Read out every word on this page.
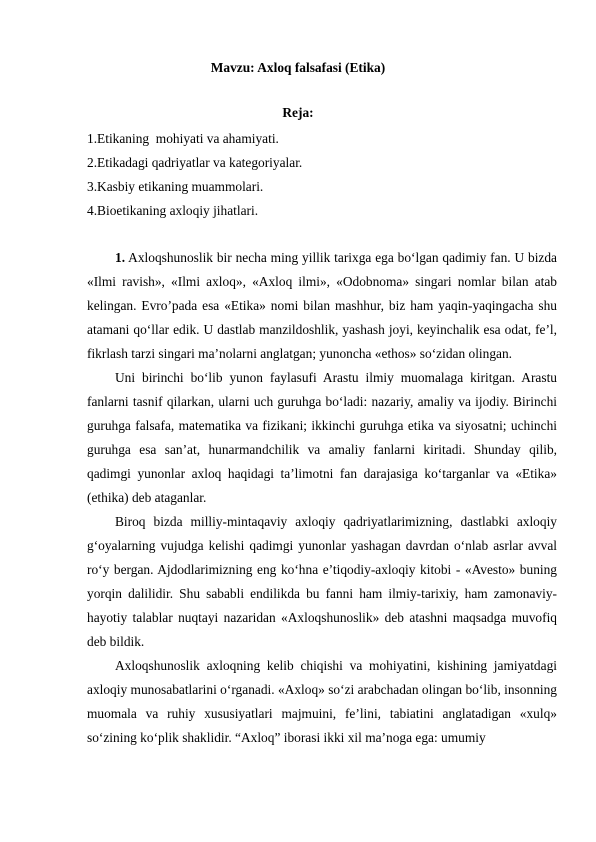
Mavzu: Axloq falsafasi (Etika)
Reja:
1.Etikaning  mohiyati va ahamiyati.
2.Etikadagi qadriyatlar va kategoriyalar.
3.Kasbiy etikaning muammolari.
4.Bioetikaning axloqiy jihatlari.

1. Axloqshunoslik bir necha ming yillik tarixga ega bo‘lgan qadimiy fan. U bizda «Ilmi ravish», «Ilmi axloq», «Axloq ilmi», «Odobnoma» singari nomlar bilan atab kelingan. Evro’pada esa «Etika» nomi bilan mashhur, biz ham yaqin-yaqingacha shu atamani qo‘llar edik. U dastlab manzildoshlik, yashash joyi, keyinchalik esa odat, fe’l, fikrlash tarzi singari ma’nolarni anglatgan; yunoncha «ethos» so‘zidan olingan.

Uni birinchi bo‘lib yunon faylasufi Arastu ilmiy muomalaga kiritgan. Arastu fanlarni tasnif qilarkan, ularni uch guruhga bo‘ladi: nazariy, amaliy va ijodiy. Birinchi guruhga falsafa, matematika va fizikani; ikkinchi guruhga etika va siyosatni; uchinchi guruhga esa san’at, hunarmandchilik va amaliy fanlarni kiritadi. Shunday qilib, qadimgi yunonlar axloq haqidagi ta’limotni fan darajasiga ko‘targanlar va «Etika» (ethika) deb ataganlar.

Biroq bizda milliy-mintaqaviy axloqiy qadriyatlarimizning, dastlabki axloqiy g‘oyalarning vujudga kelishi qadimgi yunonlar yashagan davrdan o‘nlab asrlar avval ro‘y bergan. Ajdodlarimizning eng ko‘hna e’tiqodiy-axloqiy kitobi - «Avesto» buning yorqin dalilidir. Shu sababli endilikda bu fanni ham ilmiy-tarixiy, ham zamonaviy-hayotiy talablar nuqtayi nazaridan «Axloqshunoslik» deb atashni maqsadga muvofiq deb bildik.

Axloqshunoslik axloqning kelib chiqishi va mohiyatini, kishining jamiyatdagi axloqiy munosabatlarini o‘rganadi. «Axloq» so‘zi arabchadan olingan bo‘lib, insonning muomala va ruhiy xususiyatlari majmuini, fe’lini, tabiatini anglatadigan «xulq» so‘zining ko‘plik shaklidir. “Axloq” iborasi ikki xil ma’noga ega: umumiy
